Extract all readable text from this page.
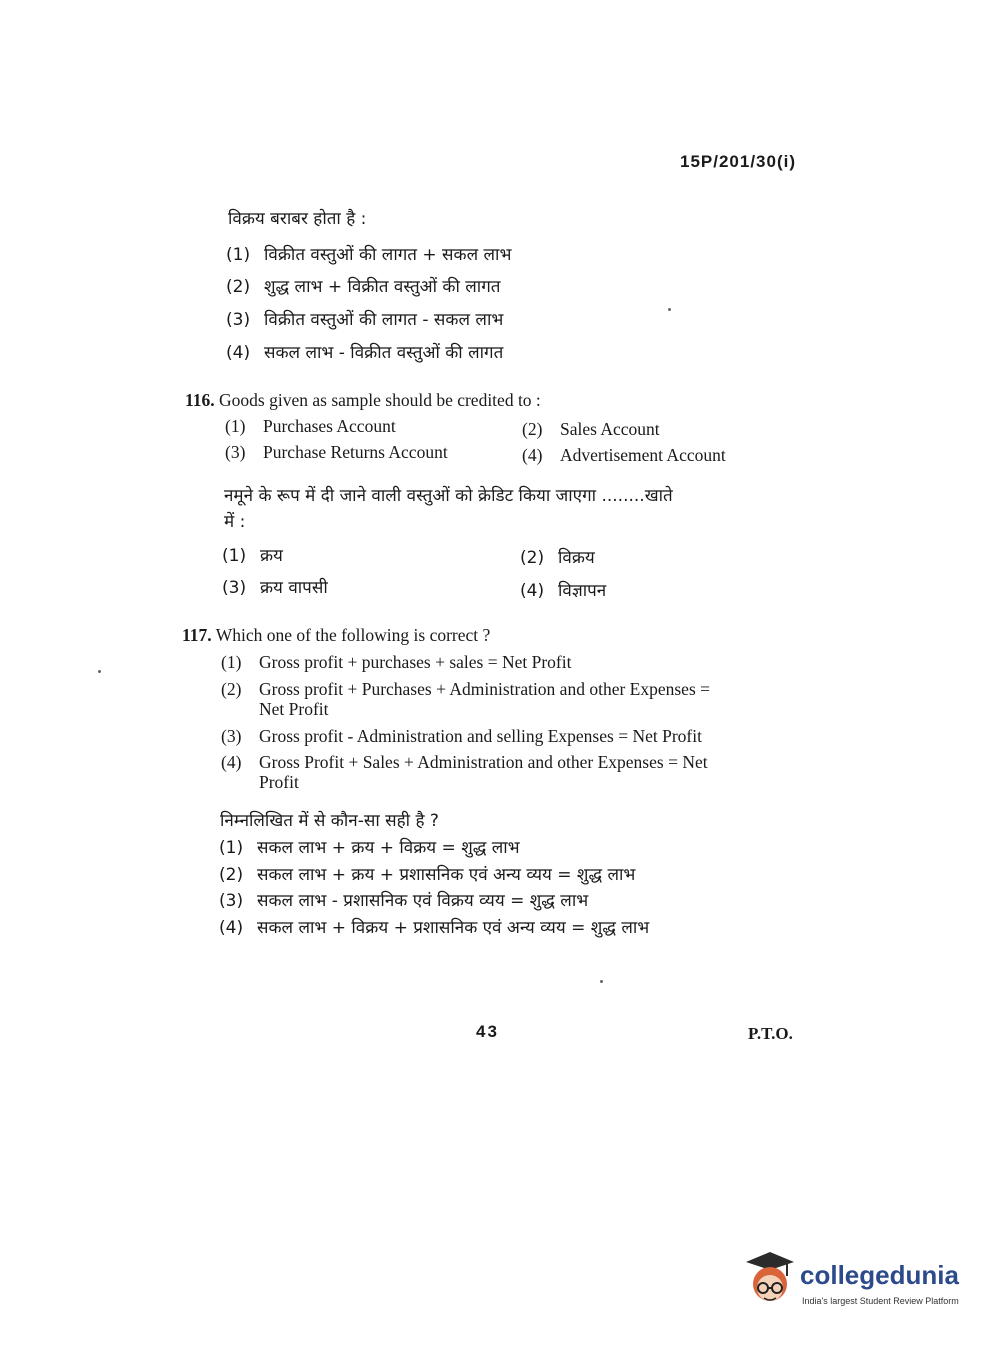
15P/201/30(i)
विक्रय बराबर होता है :
(1) विक्रीत वस्तुओं की लागत + सकल लाभ
(2) शुद्ध लाभ + विक्रीत वस्तुओं की लागत
(3) विक्रीत वस्तुओं की लागत - सकल लाभ
(4) सकल लाभ - विक्रीत वस्तुओं की लागत
116. Goods given as sample should be credited to :
(1) Purchases Account	(2) Sales Account
(3) Purchase Returns Account	(4) Advertisement Account
नमूने के रूप में दी जाने वाली वस्तुओं को क्रेडिट किया जाएगा ........खाते
में :
(1) क्रय	(2) विक्रय
(3) क्रय वापसी	(4) विज्ञापन
117. Which one of the following is correct ?
(1) Gross profit + purchases + sales = Net Profit
(2) Gross profit + Purchases + Administration and other Expenses =
Net Profit
(3) Gross profit - Administration and selling Expenses = Net Profit
(4) Gross Profit + Sales + Administration and other Expenses = Net
Profit
निम्नलिखित में से कौन-सा सही है ?
(1) सकल लाभ + क्रय + विक्रय = शुद्ध लाभ
(2) सकल लाभ + क्रय + प्रशासनिक एवं अन्य व्यय = शुद्ध लाभ
(3) सकल लाभ - प्रशासनिक एवं विक्रय व्यय = शुद्ध लाभ
(4) सकल लाभ + विक्रय + प्रशासनिक एवं अन्य व्यय = शुद्ध लाभ
43	P.T.O.
collegedunia
India's largest Student Review Platform
